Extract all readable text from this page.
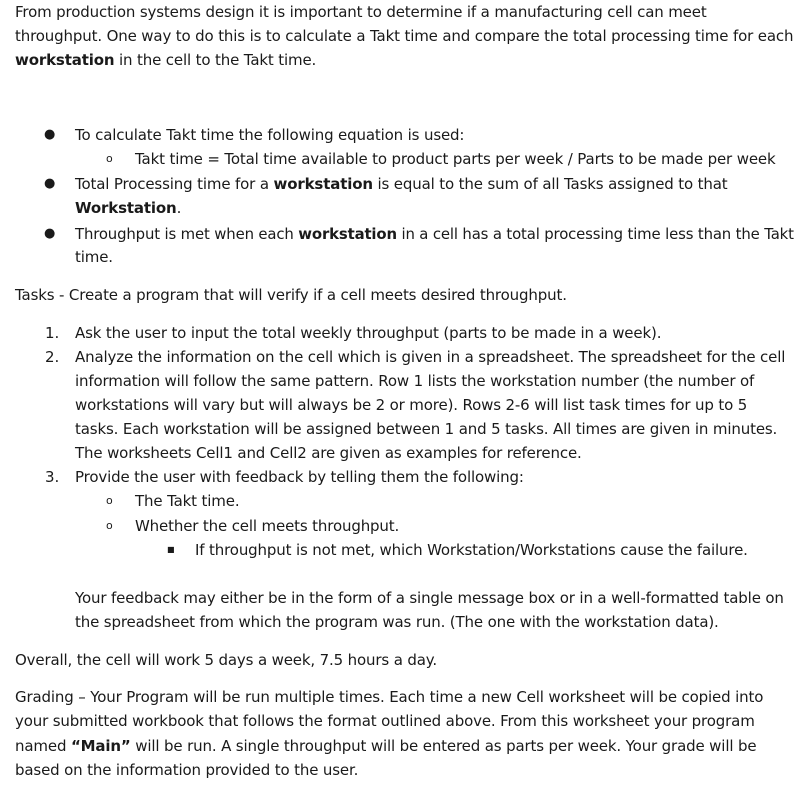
From production systems design it is important to determine if a manufacturing cell can meet
throughput. One way to do this is to calculate a Takt time and compare the total processing time for each
workstation in the cell to the Takt time.
● To calculate Takt time the following equation is used:
o Takt time = Total time available to product parts per week / Parts to be made per week
● Total Processing time for a workstation is equal to the sum of all Tasks assigned to that
Workstation.
● Throughput is met when each workstation in a cell has a total processing time less than the Takt
time.
Tasks - Create a program that will verify if a cell meets desired throughput.
1. Ask the user to input the total weekly throughput (parts to be made in a week).
2. Analyze the information on the cell which is given in a spreadsheet. The spreadsheet for the cell
information will follow the same pattern. Row 1 lists the workstation number (the number of
workstations will vary but will always be 2 or more). Rows 2-6 will list task times for up to 5
tasks. Each workstation will be assigned between 1 and 5 tasks. All times are given in minutes.
The worksheets Cell1 and Cell2 are given as examples for reference.
3. Provide the user with feedback by telling them the following:
o The Takt time.
o Whether the cell meets throughput.
■ If throughput is not met, which Workstation/Workstations cause the failure.
Your feedback may either be in the form of a single message box or in a well-formatted table on
the spreadsheet from which the program was run. (The one with the workstation data).
Overall, the cell will work 5 days a week, 7.5 hours a day.
Grading – Your Program will be run multiple times. Each time a new Cell worksheet will be copied into
your submitted workbook that follows the format outlined above. From this worksheet your program
named “Main” will be run. A single throughput will be entered as parts per week. Your grade will be
based on the information provided to the user.
